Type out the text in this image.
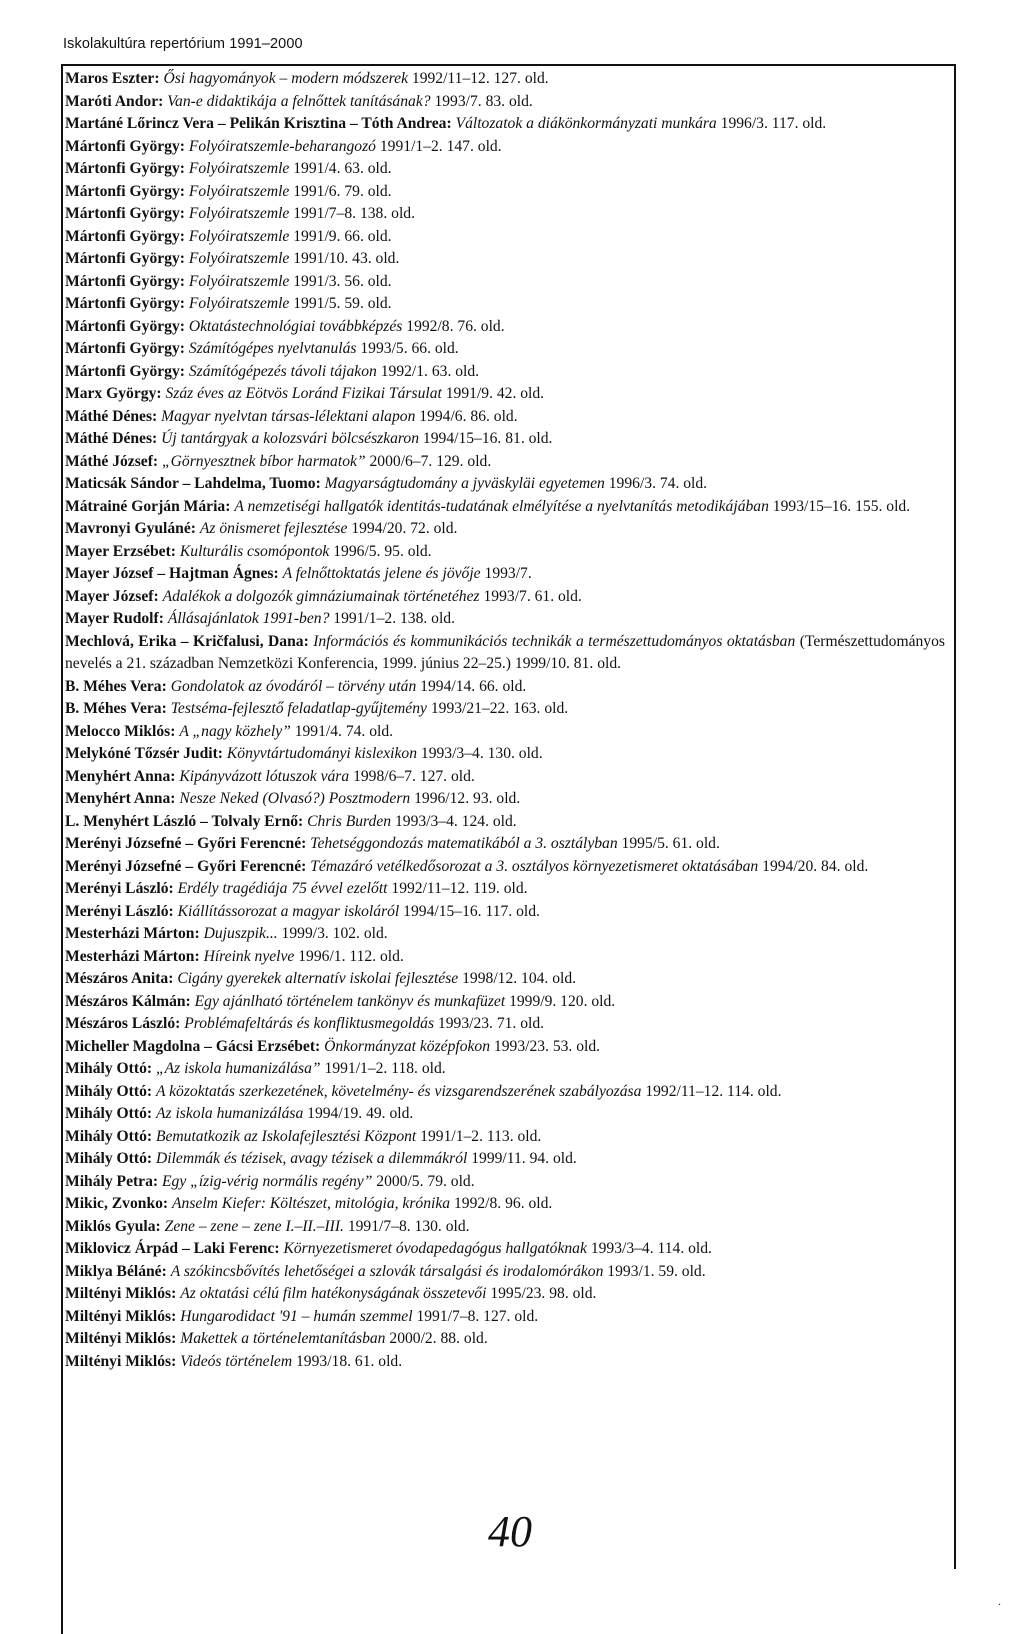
Iskolakultúra repertórium 1991–2000
Maros Eszter: Ősi hagyományok – modern módszerek 1992/11–12. 127. old.
Maróti Andor: Van-e didaktikája a felnőttek tanításának? 1993/7. 83. old.
Martáné Lőrincz Vera – Pelikán Krisztina – Tóth Andrea: Változatok a diákönkormányzati munkára 1996/3. 117. old.
Mártonfi György: Folyóiratszemle-beharangozó 1991/1–2. 147. old.
Mártonfi György: Folyóiratszemle 1991/4. 63. old.
Mártonfi György: Folyóiratszemle 1991/6. 79. old.
Mártonfi György: Folyóiratszemle 1991/7–8. 138. old.
Mártonfi György: Folyóiratszemle 1991/9. 66. old.
Mártonfi György: Folyóiratszemle 1991/10. 43. old.
Mártonfi György: Folyóiratszemle 1991/3. 56. old.
Mártonfi György: Folyóiratszemle 1991/5. 59. old.
Mártonfi György: Oktatástechnológiai továbbképzés 1992/8. 76. old.
Mártonfi György: Számítógépes nyelvtanulás 1993/5. 66. old.
Mártonfi György: Számítógépezés távoli tájakon 1992/1. 63. old.
Marx György: Száz éves az Eötvös Loránd Fizikai Társulat 1991/9. 42. old.
Máthé Dénes: Magyar nyelvtan társas-lélektani alapon 1994/6. 86. old.
Máthé Dénes: Új tantárgyak a kolozsvári bölcsészkaron 1994/15–16. 81. old.
Máthé József: „Görnyesztnek bíbor harmatok” 2000/6–7. 129. old.
Maticsák Sándor – Lahdelma, Tuomo: Magyarságtudomány a jyväskyläi egyetemen 1996/3. 74. old.
Mátrainé Gorján Mária: A nemzetiségi hallgatók identitás-tudatának elmélyítése a nyelvtanítás metodikájában 1993/15–16. 155. old.
Mavronyi Gyuláné: Az önismeret fejlesztése 1994/20. 72. old.
Mayer Erzsébet: Kulturális csomópontok 1996/5. 95. old.
Mayer József – Hajtman Ágnes: A felnőttoktatás jelene és jövője 1993/7.
Mayer József: Adalékok a dolgozók gimnáziumainak történetéhez 1993/7. 61. old.
Mayer Rudolf: Állásajánlatok 1991-ben? 1991/1–2. 138. old.
Mechlová, Erika – Kričfalusi, Dana: Információs és kommunikációs technikák a természettudományos oktatásban (Természettudományos nevelés a 21. században Nemzetközi Konferencia, 1999. június 22–25.) 1999/10. 81. old.
B. Méhes Vera: Gondolatok az óvodáról – törvény után 1994/14. 66. old.
B. Méhes Vera: Testséma-fejlesztő feladatlap-gyűjtemény 1993/21–22. 163. old.
Melocco Miklós: A „nagy közhely” 1991/4. 74. old.
Melykóné Tőzsér Judit: Könyvtártudományi kislexikon 1993/3–4. 130. old.
Menyhért Anna: Kipányvázott lótuszok vára 1998/6–7. 127. old.
Menyhért Anna: Nesze Neked (Olvasó?) Posztmodern 1996/12. 93. old.
L. Menyhért László – Tolvaly Ernő: Chris Burden 1993/3–4. 124. old.
Merényi Józsefné – Győri Ferencné: Tehetséggondozás matematikából a 3. osztályban 1995/5. 61. old.
Merényi Józsefné – Győri Ferencné: Témazáró vetélkedősorozat a 3. osztályos környezetismeret oktatásában 1994/20. 84. old.
Merényi László: Erdély tragédiája 75 évvel ezelőtt 1992/11–12. 119. old.
Merényi László: Kiállítássorozat a magyar iskoláról 1994/15–16. 117. old.
Mesterházi Márton: Dujuszpik... 1999/3. 102. old.
Mesterházi Márton: Híreink nyelve 1996/1. 112. old.
Mészáros Anita: Cigány gyerekek alternatív iskolai fejlesztése 1998/12. 104. old.
Mészáros Kálmán: Egy ajánlható történelem tankönyv és munkafüzet 1999/9. 120. old.
Mészáros László: Problémafeltárás és konfliktusmegoldás 1993/23. 71. old.
Micheller Magdolna – Gácsi Erzsébet: Önkormányzat középfokon 1993/23. 53. old.
Mihály Ottó: „Az iskola humanizálása” 1991/1–2. 118. old.
Mihály Ottó: A közoktatás szerkezetének, követelmény- és vizsgarendszerének szabályozása 1992/11–12. 114. old.
Mihály Ottó: Az iskola humanizálása 1994/19. 49. old.
Mihály Ottó: Bemutatkozik az Iskolafejlesztési Központ 1991/1–2. 113. old.
Mihály Ottó: Dilemmák és tézisek, avagy tézisek a dilemmákról 1999/11. 94. old.
Mihály Petra: Egy „ízig-vérig normális regény” 2000/5. 79. old.
Mikic, Zvonko: Anselm Kiefer: Költészet, mitológia, krónika 1992/8. 96. old.
Miklós Gyula: Zene – zene – zene I.–II.–III. 1991/7–8. 130. old.
Miklovicz Árpád – Laki Ferenc: Környezetismeret óvodapedagógus hallgatóknak 1993/3–4. 114. old.
Miklya Béláné: A szókincsbővítés lehetőségei a szlovák társalgási és irodalomórákon 1993/1. 59. old.
Miltényi Miklós: Az oktatási célú film hatékonyságának összetevői 1995/23. 98. old.
Miltényi Miklós: Hungarodidact '91 – humán szemmel 1991/7–8. 127. old.
Miltényi Miklós: Makettek a történelemtanításban 2000/2. 88. old.
Miltényi Miklós: Videós történelem 1993/18. 61. old.
40
.
